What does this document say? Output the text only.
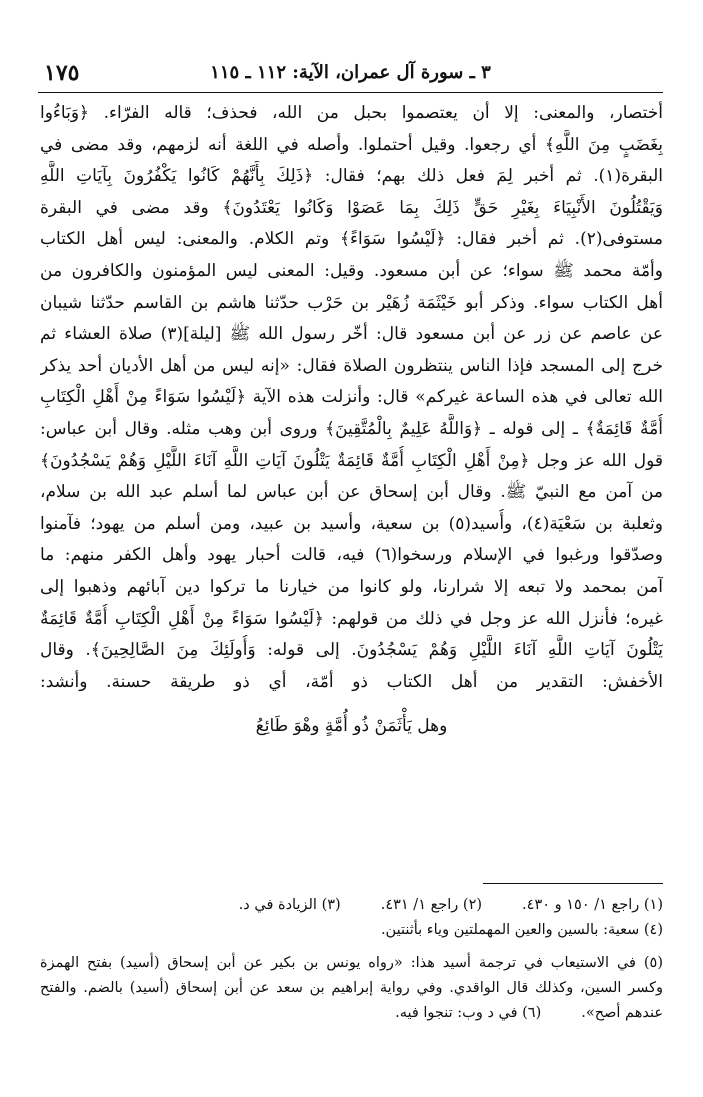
٣ ـ سورة آل عمران، الآية: ١١٢ ـ ١١٥
١٧٥
أختصار، والمعنى: إلا أن يعتصموا بحبل من الله، فحذف؛ قاله الفرّاء. ﴿وَبَاءُوا
بِغَضَبٍ مِنَ اللَّهِ﴾ أي رجعوا. وقيل أحتملوا. وأصله في اللغة أنه لزمهم، وقد مضى في
البقرة(١). ثم أخبر لِمَ فعل ذلك بهم؛ فقال: ﴿ذَلِكَ بِأَنَّهُمْ كَانُوا يَكْفُرُونَ بِآيَاتِ اللَّهِ
وَيَقْتُلُونَ الأَنْبِيَاءَ بِغَيْرِ حَقٍّ ذَلِكَ بِمَا عَصَوْا وَكَانُوا يَعْتَدُونَ﴾ وقد مضى في البقرة
مستوفى(٢). ثم أخبر فقال: ﴿لَيْسُوا سَوَاءً﴾ وتم الكلام. والمعنى: ليس أهل الكتاب
وأمّة محمد ﷺ سواء؛ عن أبن مسعود. وقيل: المعنى ليس المؤمنون والكافرون من
أهل الكتاب سواء. وذكر أبو خَيْثَمَة زُهَيْر بن حَرْب حدّثنا هاشم بن القاسم حدّثنا شيبان
عن عاصم عن زر عن أبن مسعود قال: أخّر رسول الله ﷺ [ليلة](٣) صلاة العشاء ثم
خرج إلى المسجد فإذا الناس ينتظرون الصلاة فقال: «إنه ليس من أهل الأديان أحد يذكر
الله تعالى في هذه الساعة غيركم» قال: وأنزلت هذه الآية ﴿لَيْسُوا سَوَاءً مِنْ أَهْلِ الْكِتَابِ
أُمَّةٌ قَائِمَةٌ﴾ ـ إلى قوله ـ ﴿وَاللَّهُ عَلِيمٌ بِالْمُتَّقِينَ﴾ وروى أبن وهب مثله. وقال أبن عباس:
قول الله عز وجل ﴿مِنْ أَهْلِ الْكِتَابِ أُمَّةٌ قَائِمَةٌ يَتْلُونَ آيَاتِ اللَّهِ آنَاءَ اللَّيْلِ وَهُمْ يَسْجُدُونَ﴾
من آمن مع النبيّ ﷺ. وقال أبن إسحاق عن أبن عباس لما أسلم عبد الله بن سلام،
وثعلبة بن سَعْيَة(٤)، وأُسيد(٥) بن سعية، وأسيد بن عبيد، ومن أسلم من يهود؛ فآمنوا
وصدّقوا ورغبوا في الإسلام ورسخوا(٦) فيه، قالت أحبار يهود وأهل الكفر منهم: ما
آمن بمحمد ولا تبعه إلا شرارنا، ولو كانوا من خيارنا ما تركوا دين آبائهم وذهبوا إلى
غيره؛ فأنزل الله عز وجل في ذلك من قولهم: ﴿لَيْسُوا سَوَاءً مِنْ أَهْلِ الْكِتَابِ أُمَّةٌ قَائِمَةٌ
يَتْلُونَ آيَاتِ اللَّهِ آنَاءَ اللَّيْلِ وَهُمْ يَسْجُدُونَ. إلى قوله: وَأُولَئِكَ مِنَ الصَّالِحِينَ﴾. وقال
الأخفش: التقدير من أهل الكتاب ذو أمّة، أي ذو طريقة حسنة. وأنشد:
وهل يَأْثَمَنْ ذُو أُمَّةٍ وهْوَ طَائِعُ
(١) راجع ١/ ١٥٠ و ٤٣٠.
(٢) راجع ١/ ٤٣١.
(٣) الزيادة في د.
(٤) سعية: بالسين والعين المهملتين وياء بأثنتين.
(٥) في الاستيعاب في ترجمة أسيد هذا: «رواه يونس بن بكير عن أبن إسحاق (أسيد) بفتح الهمزة
وكسر السين، وكذلك قال الواقدي. وفي رواية إبراهيم بن سعد عن أبن إسحاق (أسيد) بالضم. والفتح
عندهم أصح».
(٦) في د وب: تنجوا فيه.
